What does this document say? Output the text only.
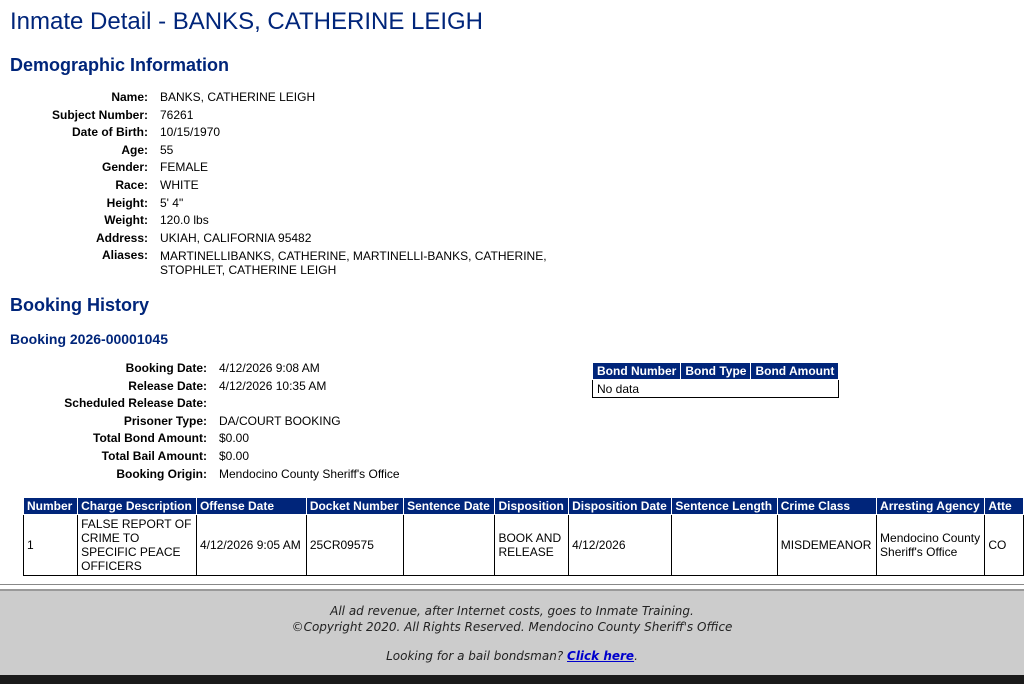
Inmate Detail - BANKS, CATHERINE LEIGH
Demographic Information
Name:	BANKS, CATHERINE LEIGH
Subject Number:	76261
Date of Birth:	10/15/1970
Age:	55
Gender:	FEMALE
Race:	WHITE
Height:	5' 4"
Weight:	120.0 lbs
Address:	UKIAH, CALIFORNIA 95482
Aliases:	MARTINELLIBANKS, CATHERINE, MARTINELLI-BANKS, CATHERINE, STOPHLET, CATHERINE LEIGH
Booking History
Booking 2026-00001045
Booking Date:	4/12/2026 9:08 AM
Release Date:	4/12/2026 10:35 AM
Scheduled Release Date:	
Prisoner Type:	DA/COURT BOOKING
Total Bond Amount:	$0.00
Total Bail Amount:	$0.00
Booking Origin:	Mendocino County Sheriff's Office
Bond Number	Bond Type	Bond Amount
No data
Number	Charge Description	Offense Date	Docket Number	Sentence Date	Disposition	Disposition Date	Sentence Length	Crime Class	Arresting Agency	Atte
1	FALSE REPORT OF CRIME TO SPECIFIC PEACE OFFICERS	4/12/2026 9:05 AM	25CR09575		BOOK AND RELEASE	4/12/2026		MISDEMEANOR	Mendocino County Sheriff's Office	CO
All ad revenue, after Internet costs, goes to Inmate Training.
©Copyright 2020. All Rights Reserved. Mendocino County Sheriff's Office
Looking for a bail bondsman? Click here.
